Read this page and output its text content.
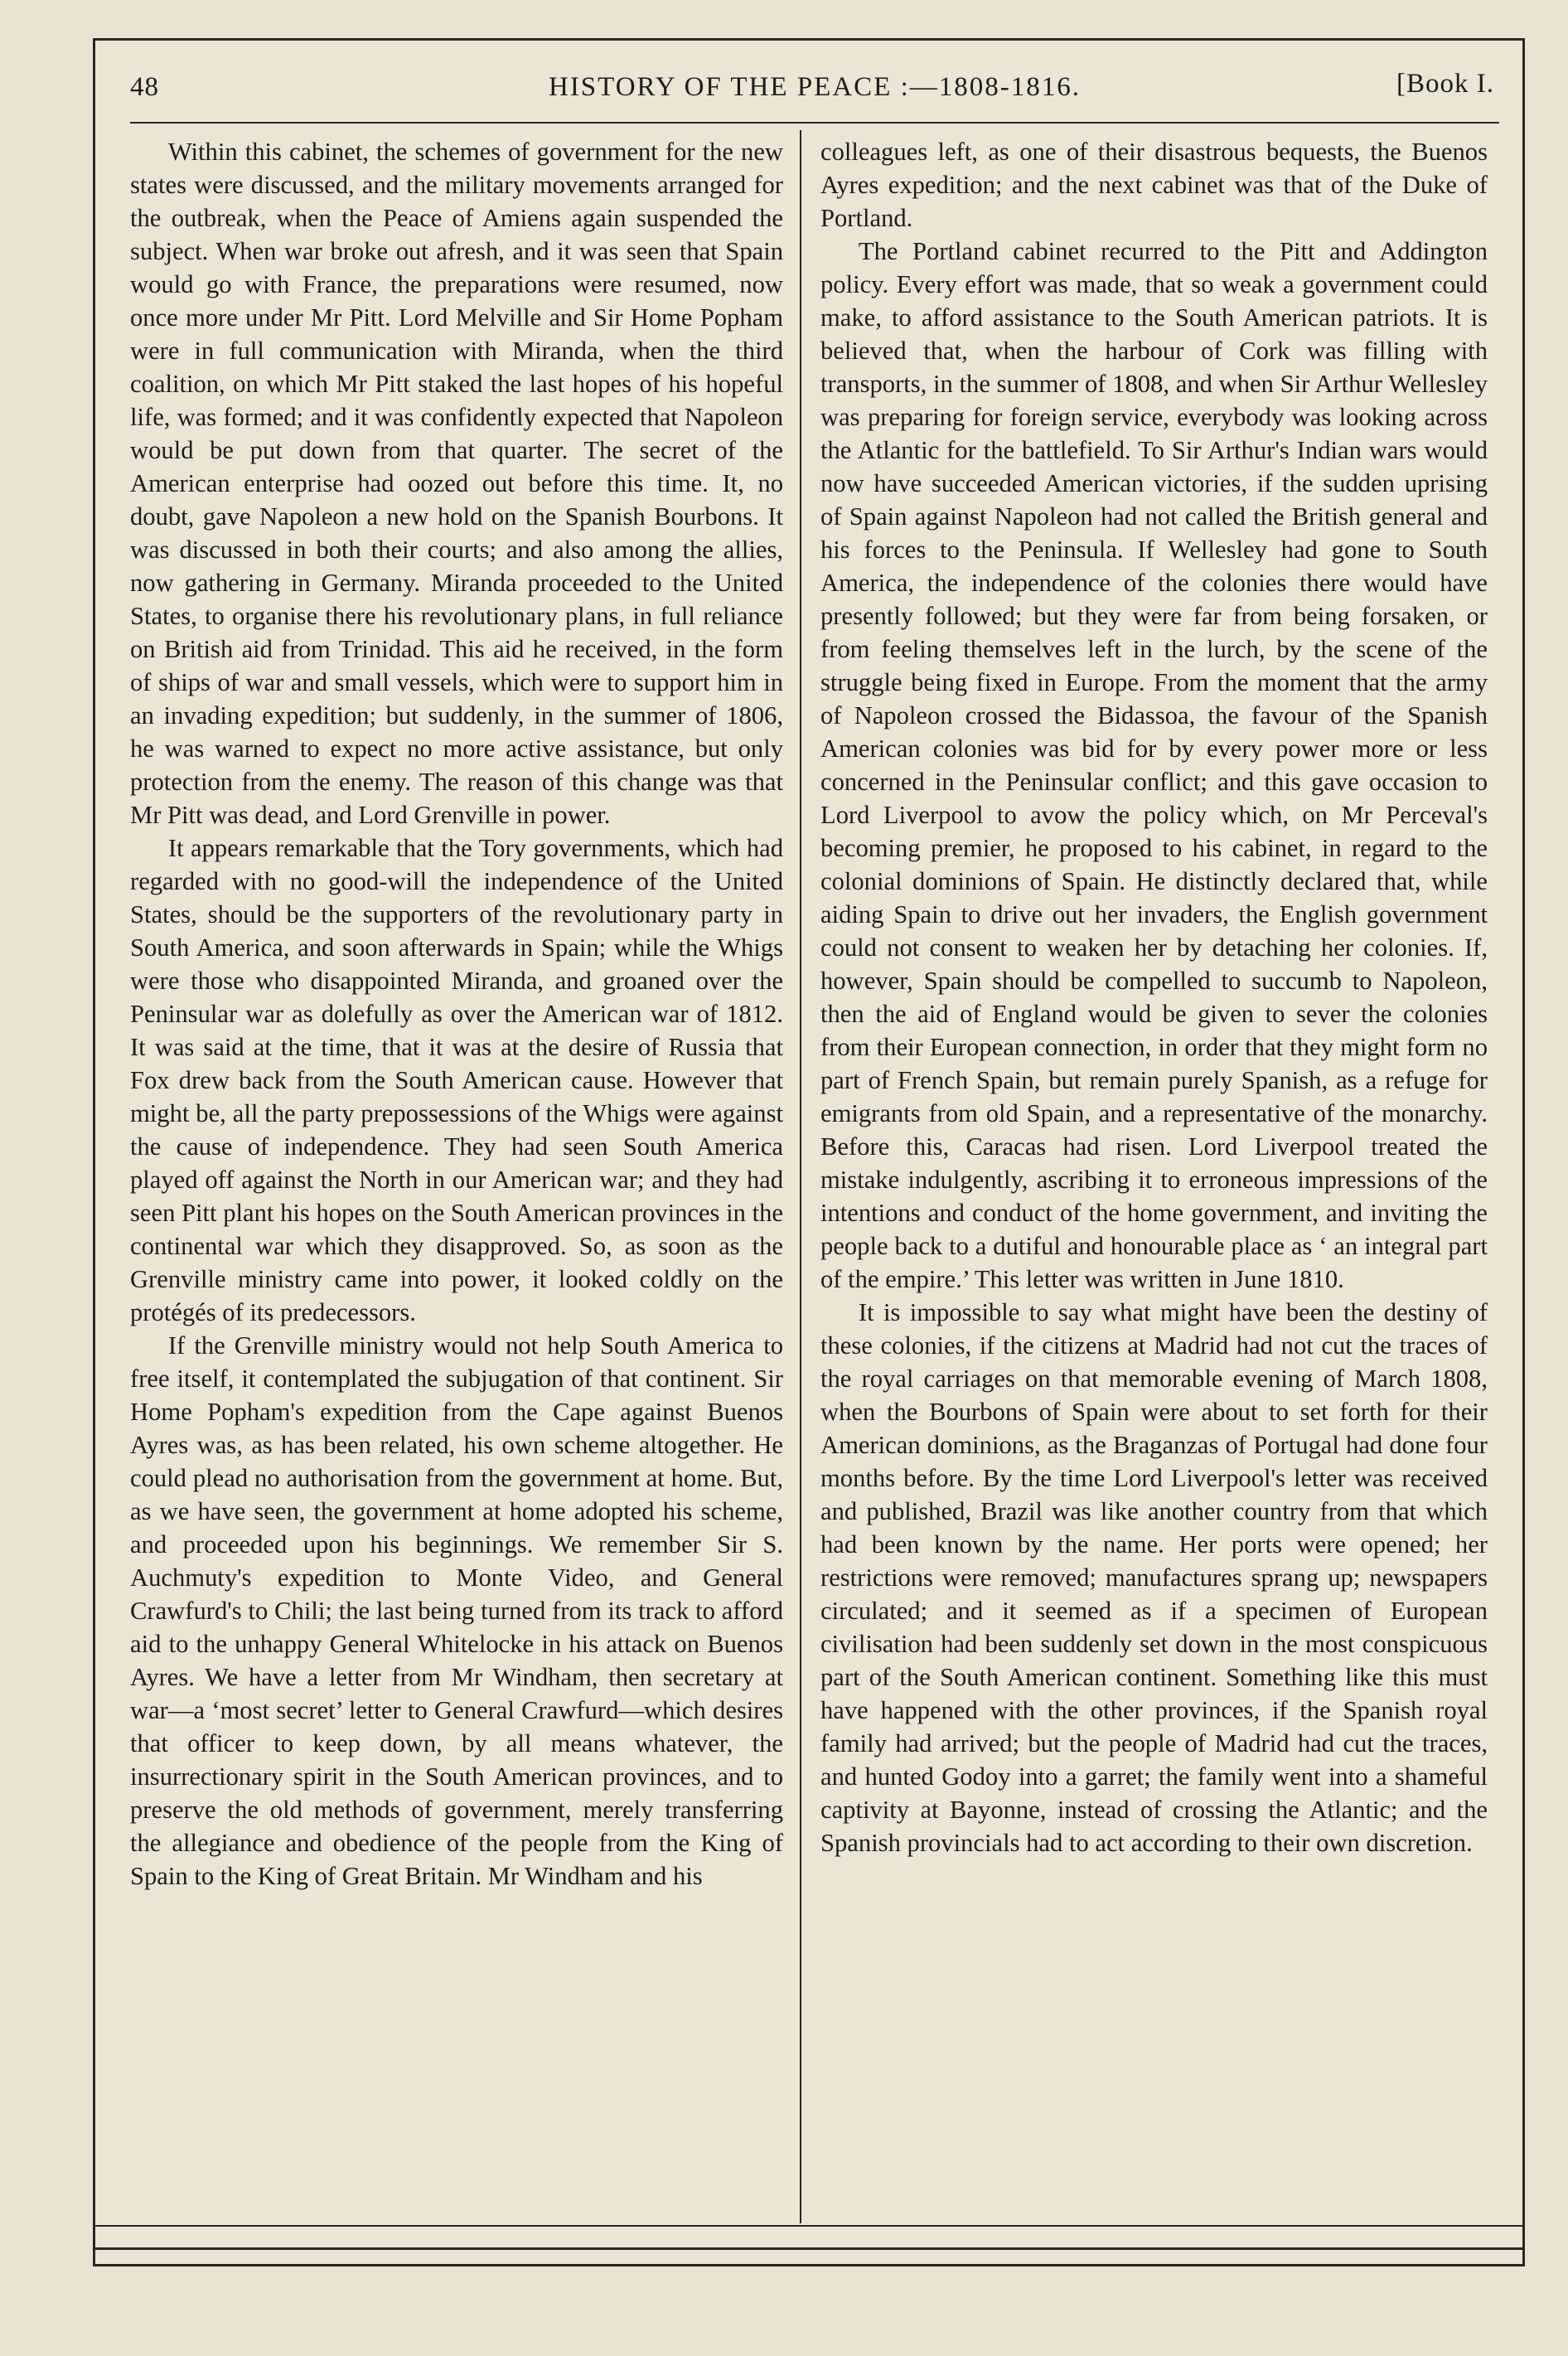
48	HISTORY OF THE PEACE :—1808-1816.	[Book I.

Within this cabinet, the schemes of government for the new states were discussed, and the military movements arranged for the outbreak, when the Peace of Amiens again suspended the subject. When war broke out afresh, and it was seen that Spain would go with France, the preparations were resumed, now once more under Mr Pitt. Lord Melville and Sir Home Popham were in full communication with Miranda, when the third coalition, on which Mr Pitt staked the last hopes of his hopeful life, was formed; and it was confidently expected that Napoleon would be put down from that quarter. The secret of the American enterprise had oozed out before this time. It, no doubt, gave Napoleon a new hold on the Spanish Bourbons. It was discussed in both their courts; and also among the allies, now gathering in Germany. Miranda proceeded to the United States, to organise there his revolutionary plans, in full reliance on British aid from Trinidad. This aid he received, in the form of ships of war and small vessels, which were to support him in an invading expedition; but suddenly, in the summer of 1806, he was warned to expect no more active assistance, but only protection from the enemy. The reason of this change was that Mr Pitt was dead, and Lord Grenville in power.

It appears remarkable that the Tory governments, which had regarded with no good-will the independence of the United States, should be the supporters of the revolutionary party in South America, and soon afterwards in Spain; while the Whigs were those who disappointed Miranda, and groaned over the Peninsular war as dolefully as over the American war of 1812. It was said at the time, that it was at the desire of Russia that Fox drew back from the South American cause. However that might be, all the party prepossessions of the Whigs were against the cause of independence. They had seen South America played off against the North in our American war; and they had seen Pitt plant his hopes on the South American provinces in the continental war which they disapproved. So, as soon as the Grenville ministry came into power, it looked coldly on the protégés of its predecessors.

If the Grenville ministry would not help South America to free itself, it contemplated the subjugation of that continent. Sir Home Popham's expedition from the Cape against Buenos Ayres was, as has been related, his own scheme altogether. He could plead no authorisation from the government at home. But, as we have seen, the government at home adopted his scheme, and proceeded upon his beginnings. We remember Sir S. Auchmuty's expedition to Monte Video, and General Crawfurd's to Chili; the last being turned from its track to afford aid to the unhappy General Whitelocke in his attack on Buenos Ayres. We have a letter from Mr Windham, then secretary at war—a ‘most secret’ letter to General Crawfurd—which desires that officer to keep down, by all means whatever, the insurrectionary spirit in the South American provinces, and to preserve the old methods of government, merely transferring the allegiance and obedience of the people from the King of Spain to the King of Great Britain. Mr Windham and his

colleagues left, as one of their disastrous bequests, the Buenos Ayres expedition; and the next cabinet was that of the Duke of Portland.

The Portland cabinet recurred to the Pitt and Addington policy. Every effort was made, that so weak a government could make, to afford assistance to the South American patriots. It is believed that, when the harbour of Cork was filling with transports, in the summer of 1808, and when Sir Arthur Wellesley was preparing for foreign service, everybody was looking across the Atlantic for the battlefield. To Sir Arthur's Indian wars would now have succeeded American victories, if the sudden uprising of Spain against Napoleon had not called the British general and his forces to the Peninsula. If Wellesley had gone to South America, the independence of the colonies there would have presently followed; but they were far from being forsaken, or from feeling themselves left in the lurch, by the scene of the struggle being fixed in Europe. From the moment that the army of Napoleon crossed the Bidassoa, the favour of the Spanish American colonies was bid for by every power more or less concerned in the Peninsular conflict; and this gave occasion to Lord Liverpool to avow the policy which, on Mr Perceval's becoming premier, he proposed to his cabinet, in regard to the colonial dominions of Spain. He distinctly declared that, while aiding Spain to drive out her invaders, the English government could not consent to weaken her by detaching her colonies. If, however, Spain should be compelled to succumb to Napoleon, then the aid of England would be given to sever the colonies from their European connection, in order that they might form no part of French Spain, but remain purely Spanish, as a refuge for emigrants from old Spain, and a representative of the monarchy. Before this, Caracas had risen. Lord Liverpool treated the mistake indulgently, ascribing it to erroneous impressions of the intentions and conduct of the home government, and inviting the people back to a dutiful and honourable place as ‘ an integral part of the empire.’ This letter was written in June 1810.

It is impossible to say what might have been the destiny of these colonies, if the citizens at Madrid had not cut the traces of the royal carriages on that memorable evening of March 1808, when the Bourbons of Spain were about to set forth for their American dominions, as the Braganzas of Portugal had done four months before. By the time Lord Liverpool's letter was received and published, Brazil was like another country from that which had been known by the name. Her ports were opened; her restrictions were removed; manufactures sprang up; newspapers circulated; and it seemed as if a specimen of European civilisation had been suddenly set down in the most conspicuous part of the South American continent. Something like this must have happened with the other provinces, if the Spanish royal family had arrived; but the people of Madrid had cut the traces, and hunted Godoy into a garret; the family went into a shameful captivity at Bayonne, instead of crossing the Atlantic; and the Spanish provincials had to act according to their own discretion.
